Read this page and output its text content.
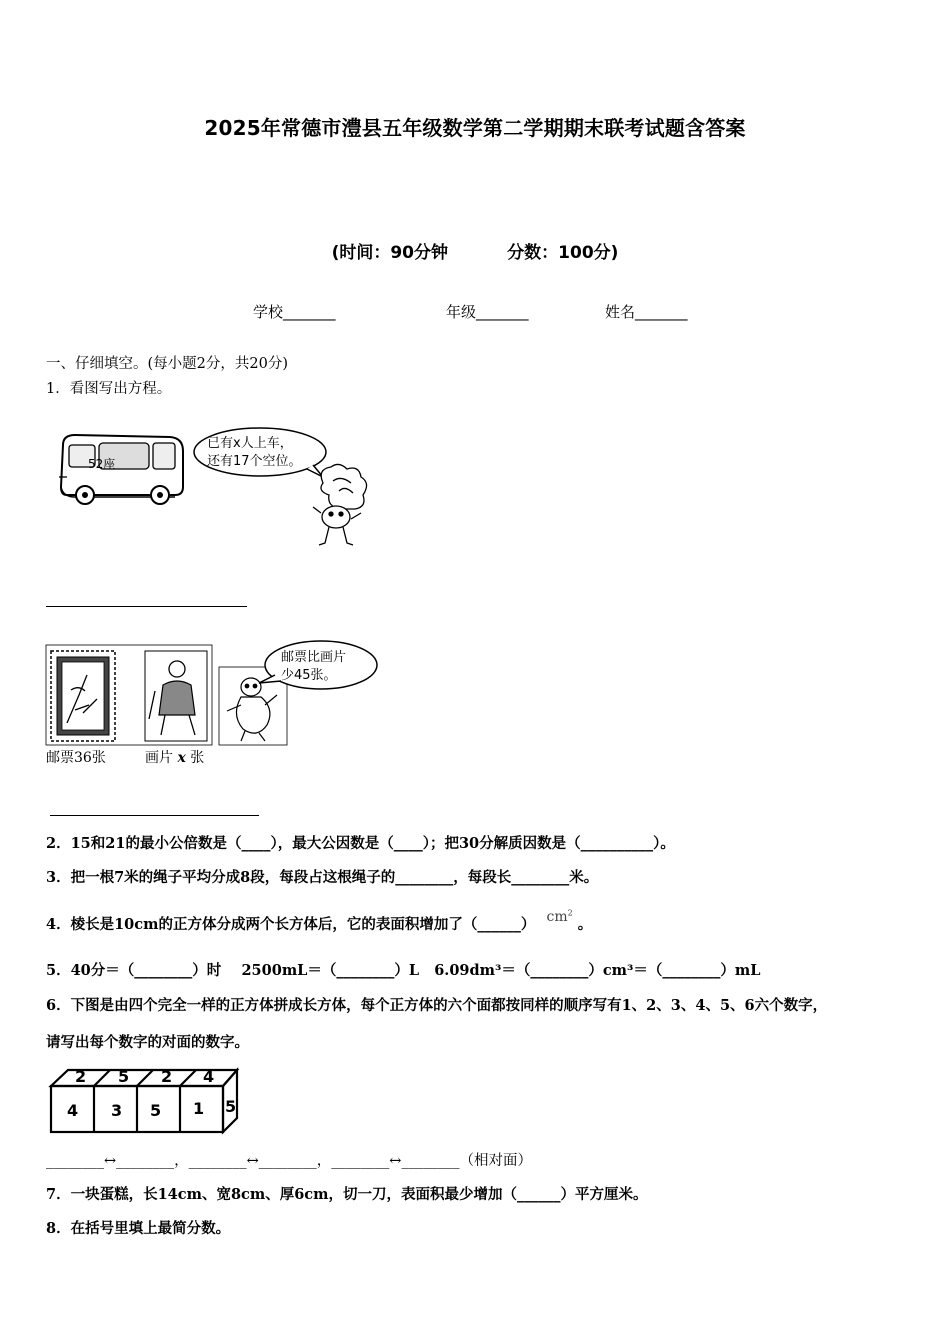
2025年常德市澧县五年级数学第二学期期末联考试题含答案
(时间：90分钟          分数：100分)
学校_______	年级_______	姓名_______
一、仔细填空。(每小题2分，共20分)
1．看图写出方程。
52座
已有x人上车，
还有17个空位。
邮票比画片
少45张。
邮票36张	画片 x 张
2．15和21的最小公倍数是（____），最大公因数是（____）；把30分解质因数是（__________）。
3．把一根7米的绳子平均分成8段，每段占这根绳子的________，每段长________米。
4．棱长是10cm的正方体分成两个长方体后，它的表面积增加了（______） $cm^2$ 。
5．40分＝（________）时    2500mL＝（________）L   6.09dm³＝（________）cm³＝（________）mL
6．下图是由四个完全一样的正方体拼成长方体，每个正方体的六个面都按同样的顺序写有1、2、3、4、5、6六个数字，
请写出每个数字的对面的数字。
2 5 2 4
4 3 5 1 5
________↔________，________↔________，________↔________（相对面）
7．一块蛋糕，长14cm、宽8cm、厚6cm，切一刀，表面积最少增加（______）平方厘米。
8．在括号里填上最简分数。
